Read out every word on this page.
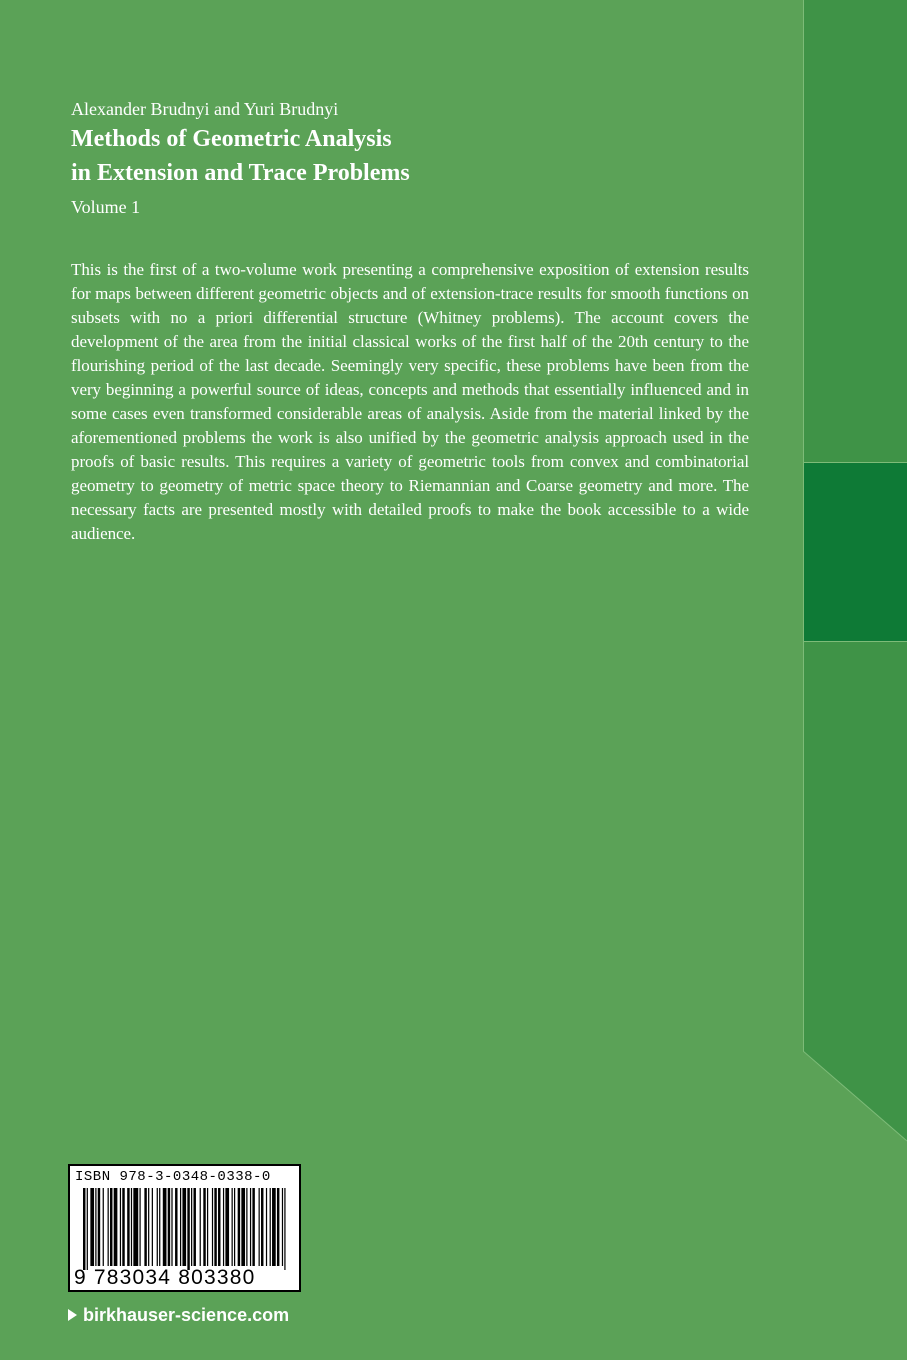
Alexander Brudnyi and Yuri Brudnyi

Methods of Geometric Analysis

in Extension and Trace Problems

Volume 1

This is the first of a two-volume work presenting a comprehensive exposition of extension results for maps between different geometric objects and of extension-trace results for smooth functions on subsets with no a priori differential structure (Whitney problems). The account covers the development of the area from the initial classical works of the first half of the 20th century to the flourishing period of the last decade. Seemingly very specific, these problems have been from the very beginning a powerful source of ideas, concepts and methods that essentially influenced and in some cases even transformed considerable areas of analysis. Aside from the material linked by the aforementioned problems the work is also unified by the geometric analysis approach used in the proofs of basic results. This requires a variety of geometric tools from convex and combinatorial geometry to geometry of metric space theory to Riemannian and Coarse geometry and more. The necessary facts are presented mostly with detailed proofs to make the book accessible to a wide audience.

ISBN 978-3-0348-0338-0
9 783034 803380
birkhauser-science.com
